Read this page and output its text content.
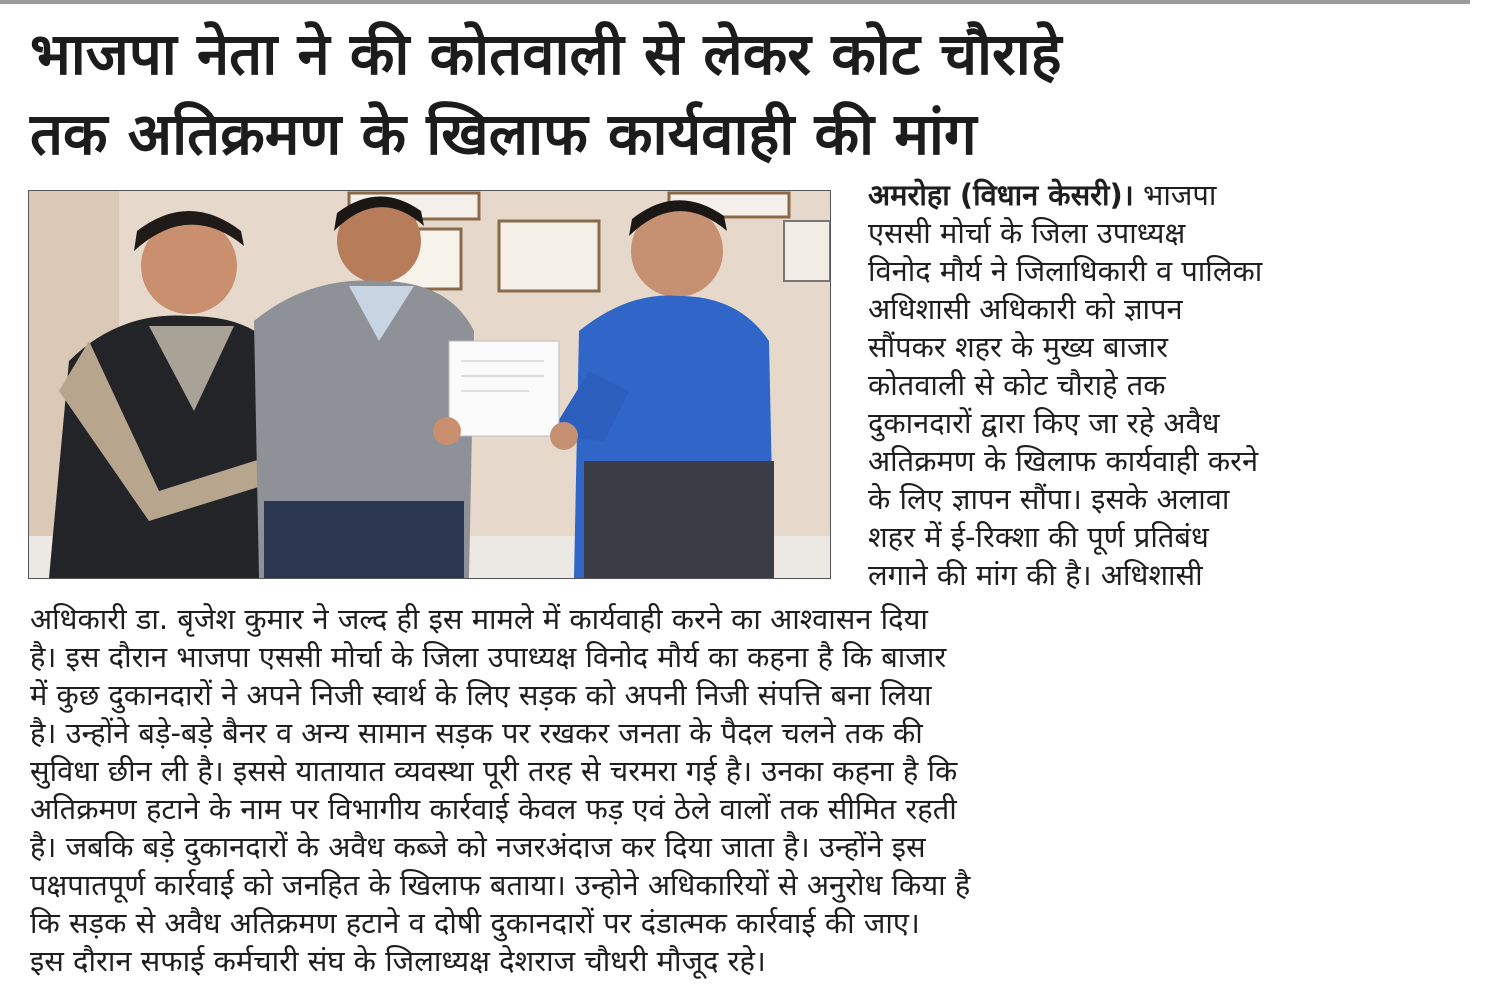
भाजपा नेता ने की कोतवाली से लेकर कोट चौराहे
तक अतिक्रमण के खिलाफ कार्यवाही की मांग

अमरोहा (विधान केसरी)। भाजपा
एससी मोर्चा के जिला उपाध्यक्ष
विनोद मौर्य ने जिलाधिकारी व पालिका
अधिशासी अधिकारी को ज्ञापन
सौंपकर शहर के मुख्य बाजार
कोतवाली से कोट चौराहे तक
दुकानदारों द्वारा किए जा रहे अवैध
अतिक्रमण के खिलाफ कार्यवाही करने
के लिए ज्ञापन सौंपा। इसके अलावा
शहर में ई-रिक्शा की पूर्ण प्रतिबंध
लगाने की मांग की है। अधिशासी

अधिकारी डा. बृजेश कुमार ने जल्द ही इस मामले में कार्यवाही करने का आश्वासन दिया
है। इस दौरान भाजपा एससी मोर्चा के जिला उपाध्यक्ष विनोद मौर्य का कहना है कि बाजार
में कुछ दुकानदारों ने अपने निजी स्वार्थ के लिए सड़क को अपनी निजी संपत्ति बना लिया
है। उन्होंने बड़े-बड़े बैनर व अन्य सामान सड़क पर रखकर जनता के पैदल चलने तक की
सुविधा छीन ली है। इससे यातायात व्यवस्था पूरी तरह से चरमरा गई है। उनका कहना है कि
अतिक्रमण हटाने के नाम पर विभागीय कार्रवाई केवल फड़ एवं ठेले वालों तक सीमित रहती
है। जबकि बड़े दुकानदारों के अवैध कब्जे को नजरअंदाज कर दिया जाता है। उन्होंने इस
पक्षपातपूर्ण कार्रवाई को जनहित के खिलाफ बताया। उन्होने अधिकारियों से अनुरोध किया है
कि सड़क से अवैध अतिक्रमण हटाने व दोषी दुकानदारों पर दंडात्मक कार्रवाई की जाए।
इस दौरान सफाई कर्मचारी संघ के जिलाध्यक्ष देशराज चौधरी मौजूद रहे।
